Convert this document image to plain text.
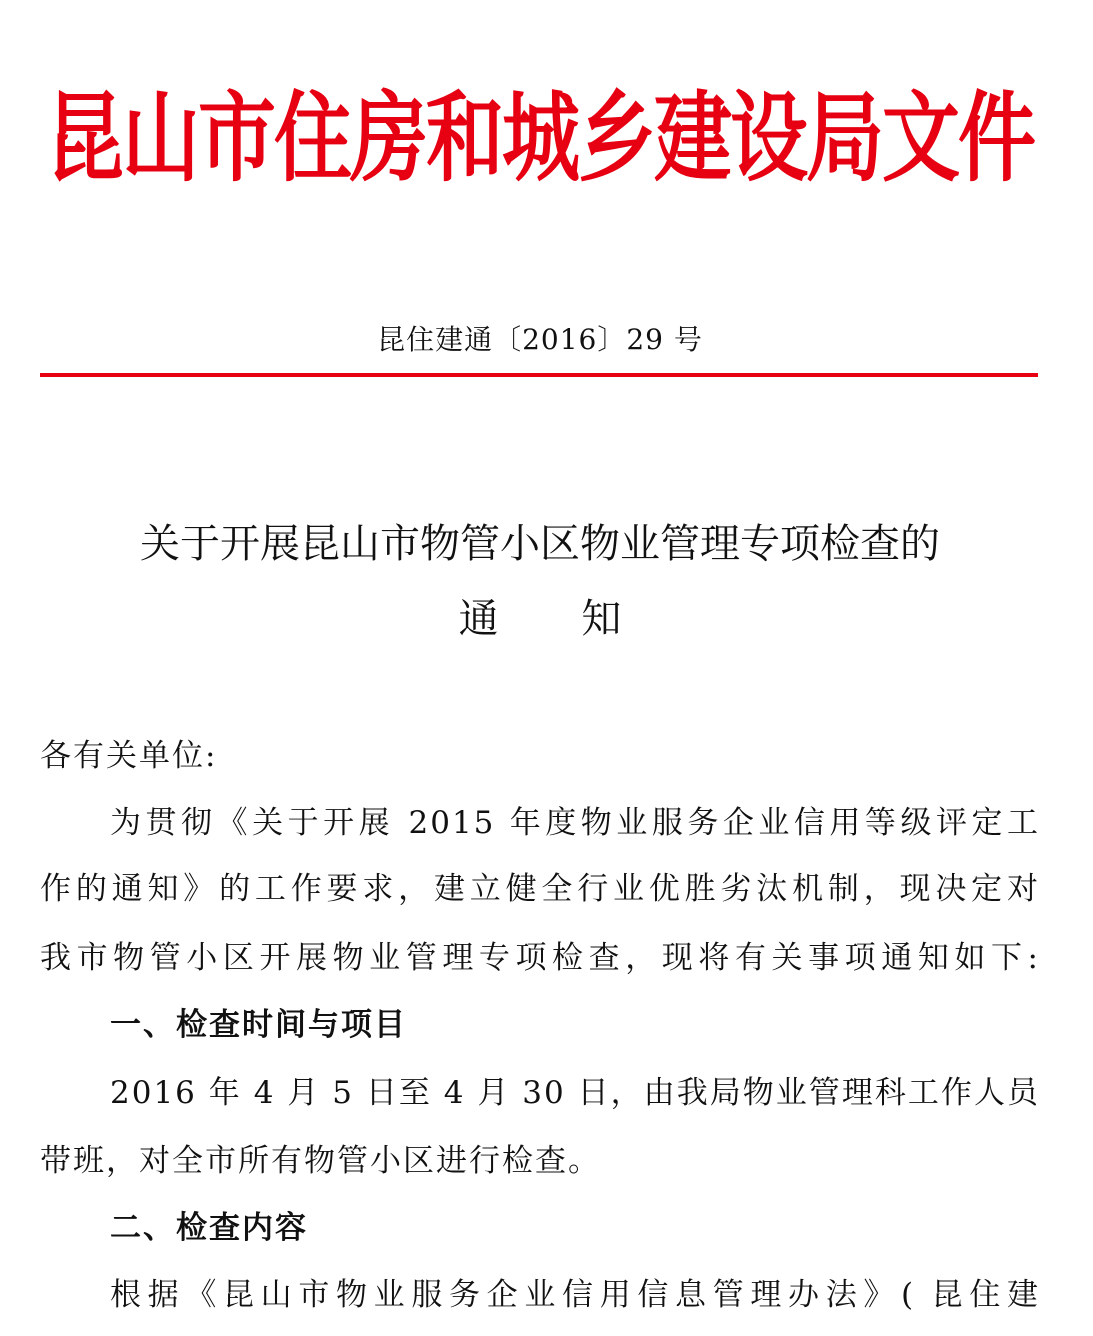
昆山市住房和城乡建设局文件
昆住建通〔2016〕29 号
关于开展昆山市物管小区物业管理专项检查的
通 知
各有关单位:
为贯彻《关于开展 2015 年度物业服务企业信用等级评定工
作的通知》的工作要求，建立健全行业优胜劣汰机制，现决定对
我市物管小区开展物业管理专项检查，现将有关事项通知如下:
一、检查时间与项目
2016 年 4 月 5 日至 4 月 30 日，由我局物业管理科工作人员
带班，对全市所有物管小区进行检查。
二、检查内容
根据《昆山市物业服务企业信用信息管理办法》( 昆住建
